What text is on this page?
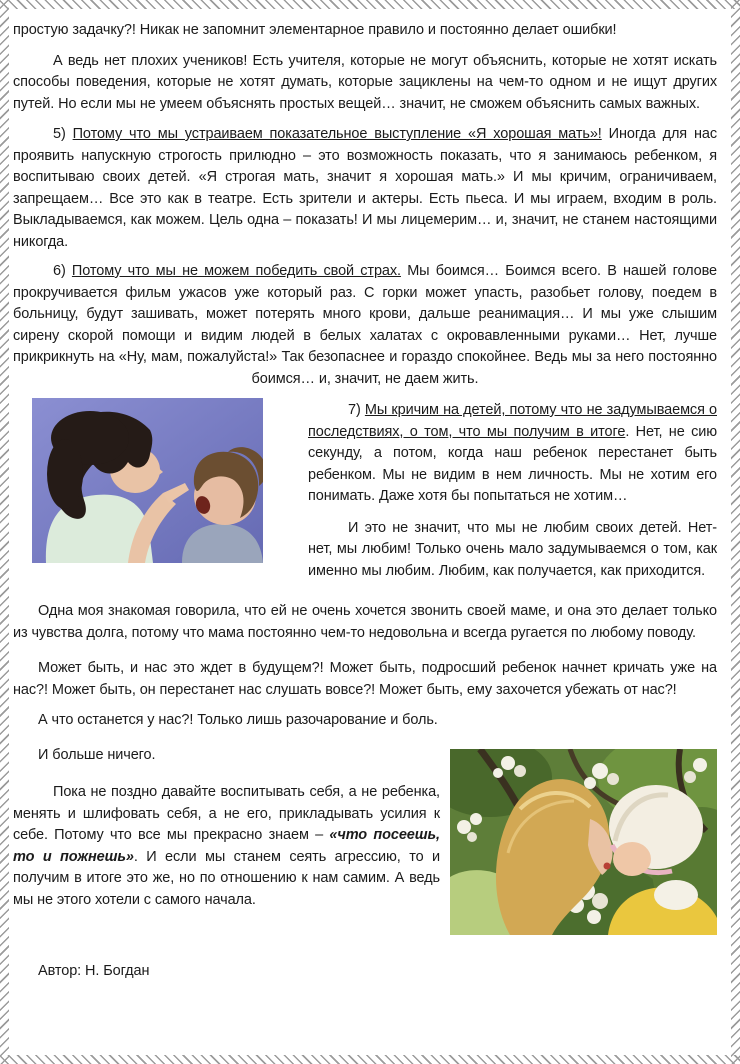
простую задачку?! Никак не запомнит элементарное правило и постоянно делает ошибки!

А ведь нет плохих учеников! Есть учителя, которые не могут объяснить, которые не хотят искать способы поведения, которые не хотят думать, которые зациклены на чем-то одном и не ищут других путей. Но если мы не умеем объяснять простых вещей… значит, не сможем объяснить самых важных.

5) Потому что мы устраиваем показательное выступление «Я хорошая мать»! Иногда для нас проявить напускную строгость прилюдно – это возможность показать, что я занимаюсь ребенком, я воспитываю своих детей. «Я строгая мать, значит я хорошая мать.» И мы кричим, ограничиваем, запрещаем… Все это как в театре. Есть зрители и актеры. Есть пьеса. И мы играем, входим в роль. Выкладываемся, как можем. Цель одна – показать! И мы лицемерим… и, значит, не станем настоящими никогда.

6) Потому что мы не можем победить свой страх. Мы боимся… Боимся всего. В нашей голове прокручивается фильм ужасов уже который раз. С горки может упасть, разобьет голову, поедем в больницу, будут зашивать, может потерять много крови, дальше реанимация… И мы уже слышим сирену скорой помощи и видим людей в белых халатах с окровавленными руками… Нет, лучше прикрикнуть на «Ну, мам, пожалуйста!» Так безопаснее и гораздо спокойнее. Ведь мы за него постоянно боимся… и, значит, не даем жить.

7) Мы кричим на детей, потому что не задумываемся о последствиях, о том, что мы получим в итоге. Нет, не сию секунду, а потом, когда наш ребенок перестанет быть ребенком. Мы не видим в нем личность. Мы не хотим его понимать. Даже хотя бы попытаться не хотим…

И это не значит, что мы не любим своих детей. Нет-нет, мы любим! Только очень мало задумываемся о том, как именно мы любим. Любим, как получается, как приходится.

Одна моя знакомая говорила, что ей не очень хочется звонить своей маме, и она это делает только из чувства долга, потому что мама постоянно чем-то недовольна и всегда ругается по любому поводу.

Может быть, и нас это ждет в будущем?! Может быть, подросший ребенок начнет кричать уже на нас?! Может быть, он перестанет нас слушать вовсе?! Может быть, ему захочется убежать от нас?!

А что останется у нас?! Только лишь разочарование и боль.

И больше ничего.

Пока не поздно давайте воспитывать себя, а не ребенка, менять и шлифовать себя, а не его, прикладывать усилия к себе. Потому что все мы прекрасно знаем – «что посеешь, то и пожнешь». И если мы станем сеять агрессию, то и получим в итоге это же, но по отношению к нам самим. А ведь мы не этого хотели с самого начала.

Автор: Н. Богдан
